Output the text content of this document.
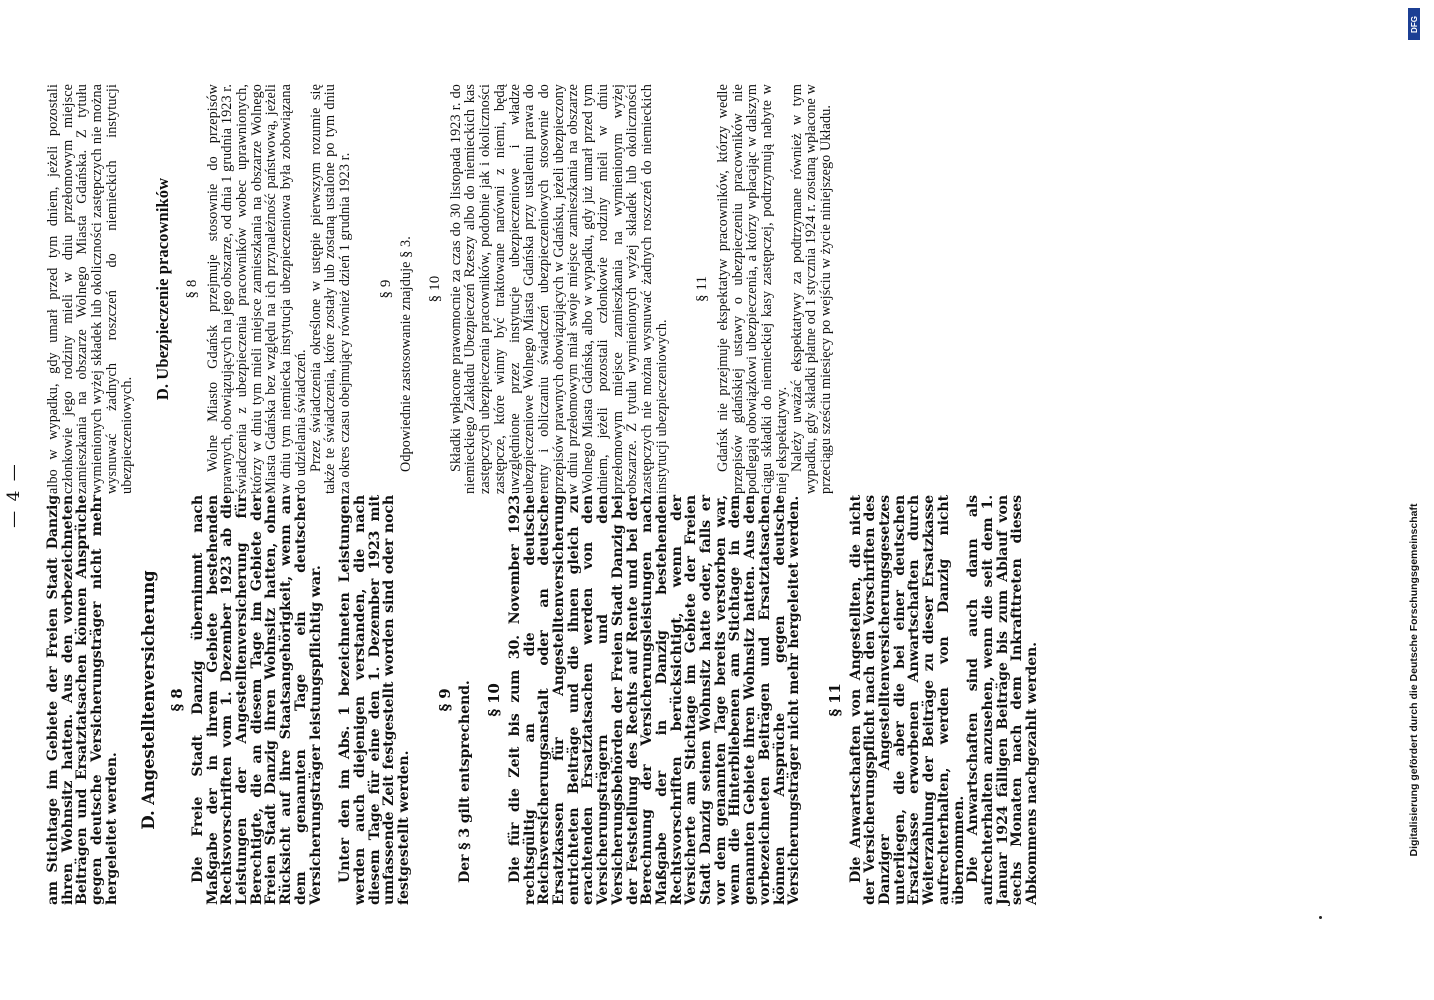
— 4 — am Stichtage im Gebiete der Freien Stadt Danzig ihren Wohnsitz hatten. Aus den vorbezeichneten Beiträgen und Ersatztatsachen können Ansprüche gegen deutsche Versicherungsträger nicht mehr hergeleitet werden. D. Angestelltenversicherung § 8 Die Freie Stadt Danzig übernimmt nach Maßgabe der in ihrem Gebiete bestehenden Rechtsvorschriften vom 1. Dezember 1923 ab die Leistungen der Angestelltenversicherung für Berechtigte, die an diesem Tage im Gebiete der Freien Stadt Danzig ihren Wohnsitz hatten, ohne Rücksicht auf ihre Staatsangehörigkeit, wenn an dem genannten Tage ein deutscher Versicherungsträger leistungspflichtig war. Unter den im Abs. 1 bezeichneten Leistungen werden auch diejenigen verstanden, die nach diesem Tage für eine den 1. Dezember 1923 mit umfassende Zeit festgestellt worden sind oder noch festgestellt werden.

§ 9 Der § 3 gilt entsprechend. § 10 Die für die Zeit bis zum 30. November 1923 rechtsgültig an die deutsche Reichsversicherungsanstalt oder an deutsche Ersatzkassen für Angestelltenversicherung entrichteten Beiträge und die ihnen gleich zu erachtenden Ersatztatsachen werden von den Versicherungsträgern und den Versicherungsbehörden der Freien Stadt Danzig bei der Feststellung des Rechts auf Rente und bei der Berechnung der Versicherungsleistungen nach Maßgabe der in Danzig bestehenden Rechtsvorschriften berücksichtigt, wenn der Versicherte am Stichtage im Gebiete der Freien Stadt Danzig seinen Wohnsitz hatte oder, falls er vor dem genannten Tage bereits verstorben war, wenn die Hinterbliebenen am Stichtage in dem genannten Gebiete ihren Wohnsitz hatten. Aus den vorbezeichneten Beiträgen und Ersatztatsachen können Ansprüche gegen deutsche Versicherungsträger nicht mehr hergeleitet werden. § 11 Die Anwartschaften von Angestellten, die nicht der Versicherungspflicht nach den Vorschriften des Danziger Angestelltenversicherungsgesetzes unterliegen, die aber die bei einer deutschen Ersatzkasse erworbenen Anwartschaften durch Weiterzahlung der Beiträge zu dieser Ersatzkasse aufrechterhalten, werden von Danzig nicht übernommen.

Die Anwartschaften sind auch dann als aufrechterhalten anzusehen, wenn die seit dem 1. Januar 1924 fälligen Beiträge bis zum Ablauf von sechs Monaten nach dem Inkrafttreten dieses Abkommens nachgezahlt werden.

albo w wypadku, gdy umarł przed tym dniem, jeżeli pozostali członkowie jego rodziny mieli w dniu przełomowym miejsce zamieszkania na obszarze Wolnego Miasta Gdańska. Z tytułu wymienionych wyżej składek lub okoliczności zastępczych nie można wysnuwać żadnych roszczeń do niemieckich instytucji ubezpieczeniowych.

D. Ubezpieczenie pracowników § 8 Wolne Miasto Gdańsk przejmuje stosownie do przepisów prawnych, obowiązujących na jego obszarze, od dnia 1 grudnia 1923 r. świadczenia z ubezpieczenia pracowników wobec uprawnionych, którzy w dniu tym mieli miejsce zamieszkania na obszarze Wolnego Miasta Gdańska bez względu na ich przynależność państwową, jeżeli w dniu tym niemiecka instytucja ubezpieczeniowa była zobowiązana do udzielania świadczeń.

Przez świadczenia określone w ustępie pierwszym rozumie się także te świadczenia, które zostały lub zostaną ustalone po tym dniu za okres czasu obejmujący również dzień 1 grudnia 1923 r. § 9 Odpowiednie zastosowanie znajduje § 3. § 10 Składki wpłacone prawomocnie za czas do 30 listopada 1923 r. do niemieckiego Zakładu Ubezpieczeń Rzeszy albo do niemieckich kas zastępczych ubezpieczenia pracowników, podobnie jak i okoliczności zastępcze, które winny być traktowane narówni z niemi, będą uwzględnione przez instytucje ubezpieczeniowe i władze ubezpieczeniowe Wolnego Miasta Gdańska przy ustaleniu prawa do renty i obliczaniu świadczeń ubezpieczeniowych stosownie do przepisów prawnych obowiązujących w Gdańsku, jeżeli ubezpieczony w dniu przełomowym miał swoje miejsce zamieszkania na obszarze Wolnego Miasta Gdańska, albo w wypadku, gdy już umarł przed tym dniem, jeżeli pozostali członkowie rodziny mieli w dniu przełomowym miejsce zamieszkania na wymienionym wyżej obszarze. Z tytułu wymienionych wyżej składek lub okoliczności zastępczych nie można wysnuwać żadnych roszczeń do niemieckich instytucji ubezpieczeniowych.

§ 11 Gdańsk nie przejmuje ekspektatyw pracowników, którzy wedle przepisów gdańskiej ustawy o ubezpieczeniu pracowników nie podlegają obowiązkowi ubezpieczenia, a którzy wpłacając w dalszym ciągu składki do niemieckiej kasy zastępczej, podtrzymują nabyte w niej ekspektatywy.

Należy uważać ekspektatywy za podtrzymane również w tym wypadku, gdy składki płatne od 1 stycznia 1924 r. zostaną wpłacone w przeciągu sześciu miesięcy po wejściu w życie niniejszego Układu.

DFG
Digitalisierung gefördert durch die Deutsche Forschungsgemeinschaft
